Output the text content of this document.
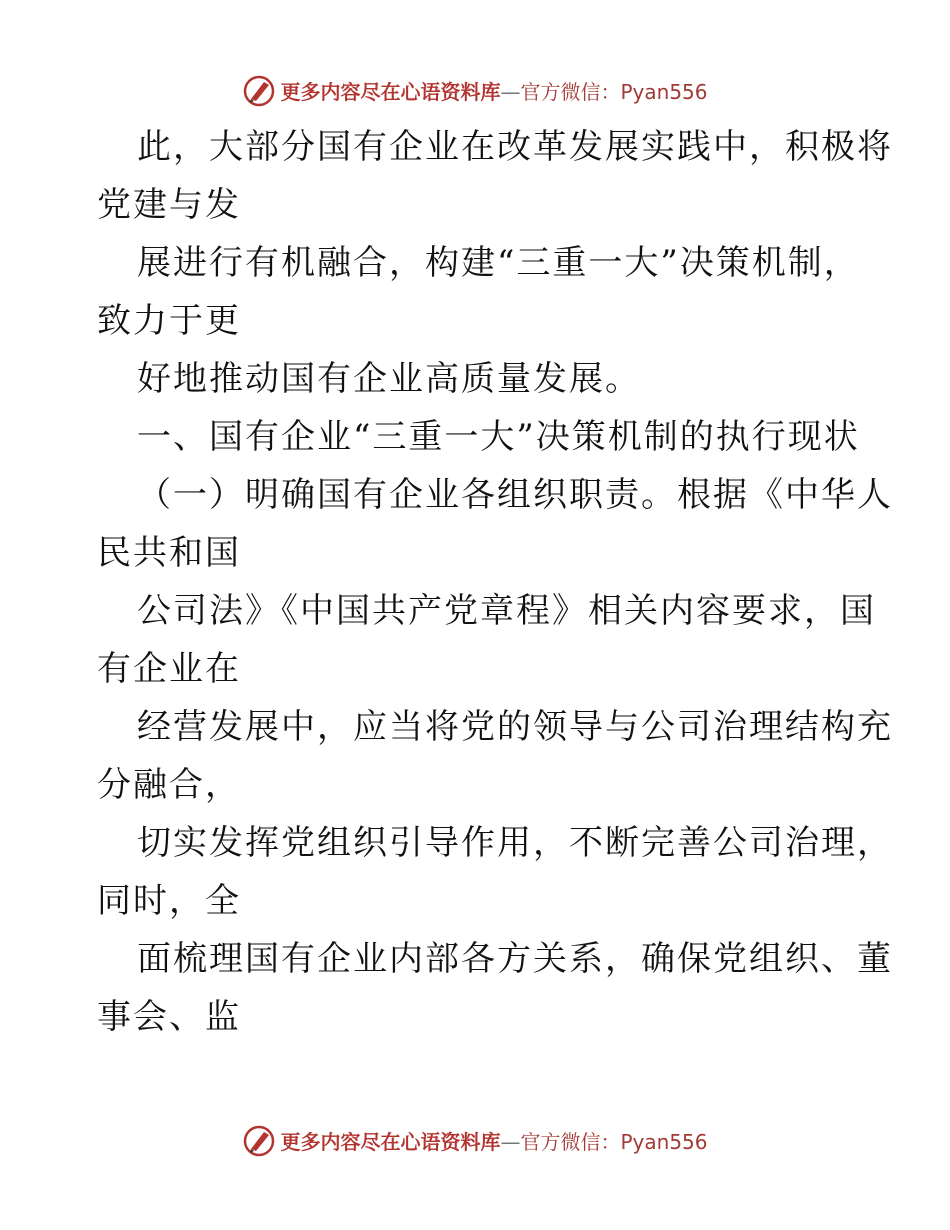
更多内容尽在心语资料库—官方微信：Pyan556
此，大部分国有企业在改革发展实践中，积极将
党建与发
展进行有机融合，构建“三重一大”决策机制，
致力于更
好地推动国有企业高质量发展。
一、国有企业“三重一大”决策机制的执行现状
（一）明确国有企业各组织职责。根据《中华人
民共和国
公司法》《中国共产党章程》相关内容要求，国
有企业在
经营发展中，应当将党的领导与公司治理结构充
分融合，
切实发挥党组织引导作用，不断完善公司治理，
同时，全
面梳理国有企业内部各方关系，确保党组织、董
事会、监
更多内容尽在心语资料库—官方微信：Pyan556
